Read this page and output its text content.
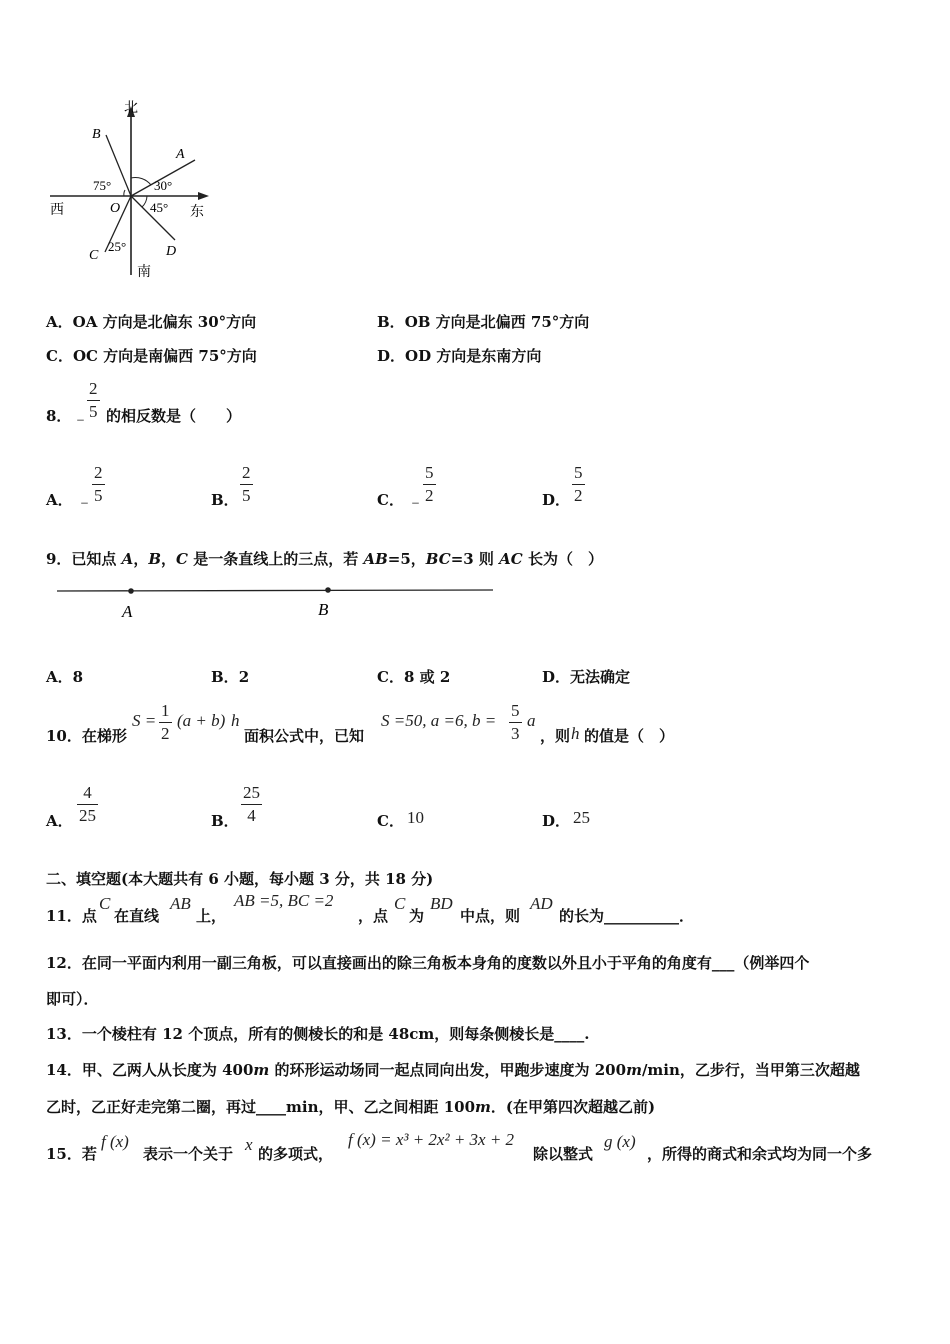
北
南
西	东
A
B
C	D
O
75°	30°
45°
25°
A．OA 方向是北偏东 30°方向	B．OB 方向是北偏西 75°方向
C．OC 方向是南偏西 75°方向	D．OD 方向是东南方向
8． ﹣
2
5 的相反数是（　　）
A． ﹣
2
5	B．
2
5	C． ﹣
5
2	D．
5
2
9．已知点 A，B，C 是一条直线上的三点，若 AB=5，BC=3 则 AC 长为（　）
A	B
A．8	B．2	C．8 或 2	D．无法确定
10．在梯形
S =
1
2
(a + b) h
面积公式中，已知
S =50, a =6, b =
5
3
a
，则 h 的值是（　）
A．
4
25	B．
25
4	C． 10	D． 25
二、填空题(本大题共有 6 小题，每小题 3 分，共 18 分)
11．点
C
在直线
AB
上，
AB =5, BC =2
，点
C
为
BD
中点，则
AD
的长为__________．
12．在同一平面内利用一副三角板，可以直接画出的除三角板本身角的度数以外且小于平角的角度有___（例举四个
即可）．
13．一个棱柱有 12 个顶点，所有的侧棱长的和是 48cm，则每条侧棱长是____.
14．甲、乙两人从长度为 400m 的环形运动场同一起点同向出发，甲跑步速度为 200m/min，乙步行，当甲第三次超越
乙时，乙正好走完第二圈，再过____min，甲、乙之间相距 100m．(在甲第四次超越乙前)
15．若
f (x)
表示一个关于 x 的多项式，
f (x) = x³ + 2x² + 3x + 2
除以整式
g (x)
，所得的商式和余式均为同一个多
